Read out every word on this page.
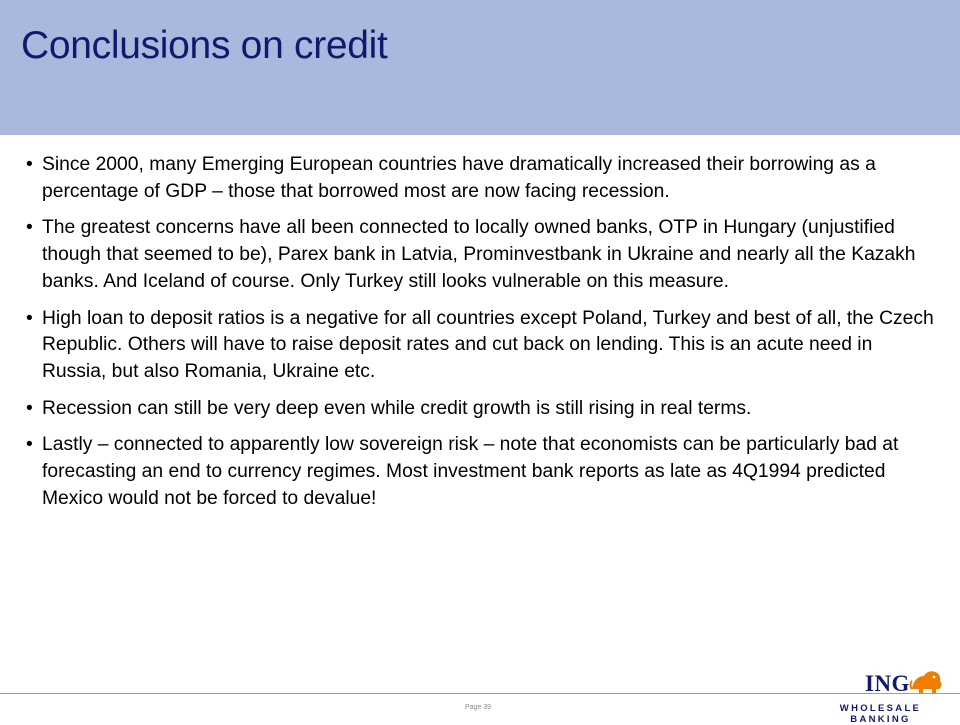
Conclusions on credit
• Since 2000, many Emerging European countries have dramatically increased their borrowing as a percentage of GDP – those that borrowed most are now facing recession.
• The greatest concerns have all been connected to locally owned banks, OTP in Hungary (unjustified though that seemed to be), Parex bank in Latvia, Prominvestbank in Ukraine and nearly all the Kazakh banks. And Iceland of course. Only Turkey still looks vulnerable on this measure.
• High loan to deposit ratios is a negative for all countries except Poland, Turkey and best of all, the Czech Republic. Others will have to raise deposit rates and cut back on lending. This is an acute need in Russia, but also Romania, Ukraine etc.
• Recession can still be very deep even while credit growth is still rising in real terms.
• Lastly – connected to apparently low sovereign risk – note that economists can be particularly bad at forecasting an end to currency regimes. Most investment bank reports as late as 4Q1994 predicted Mexico would not be forced to devalue!
Page 39
ING
WHOLESALE BANKING
